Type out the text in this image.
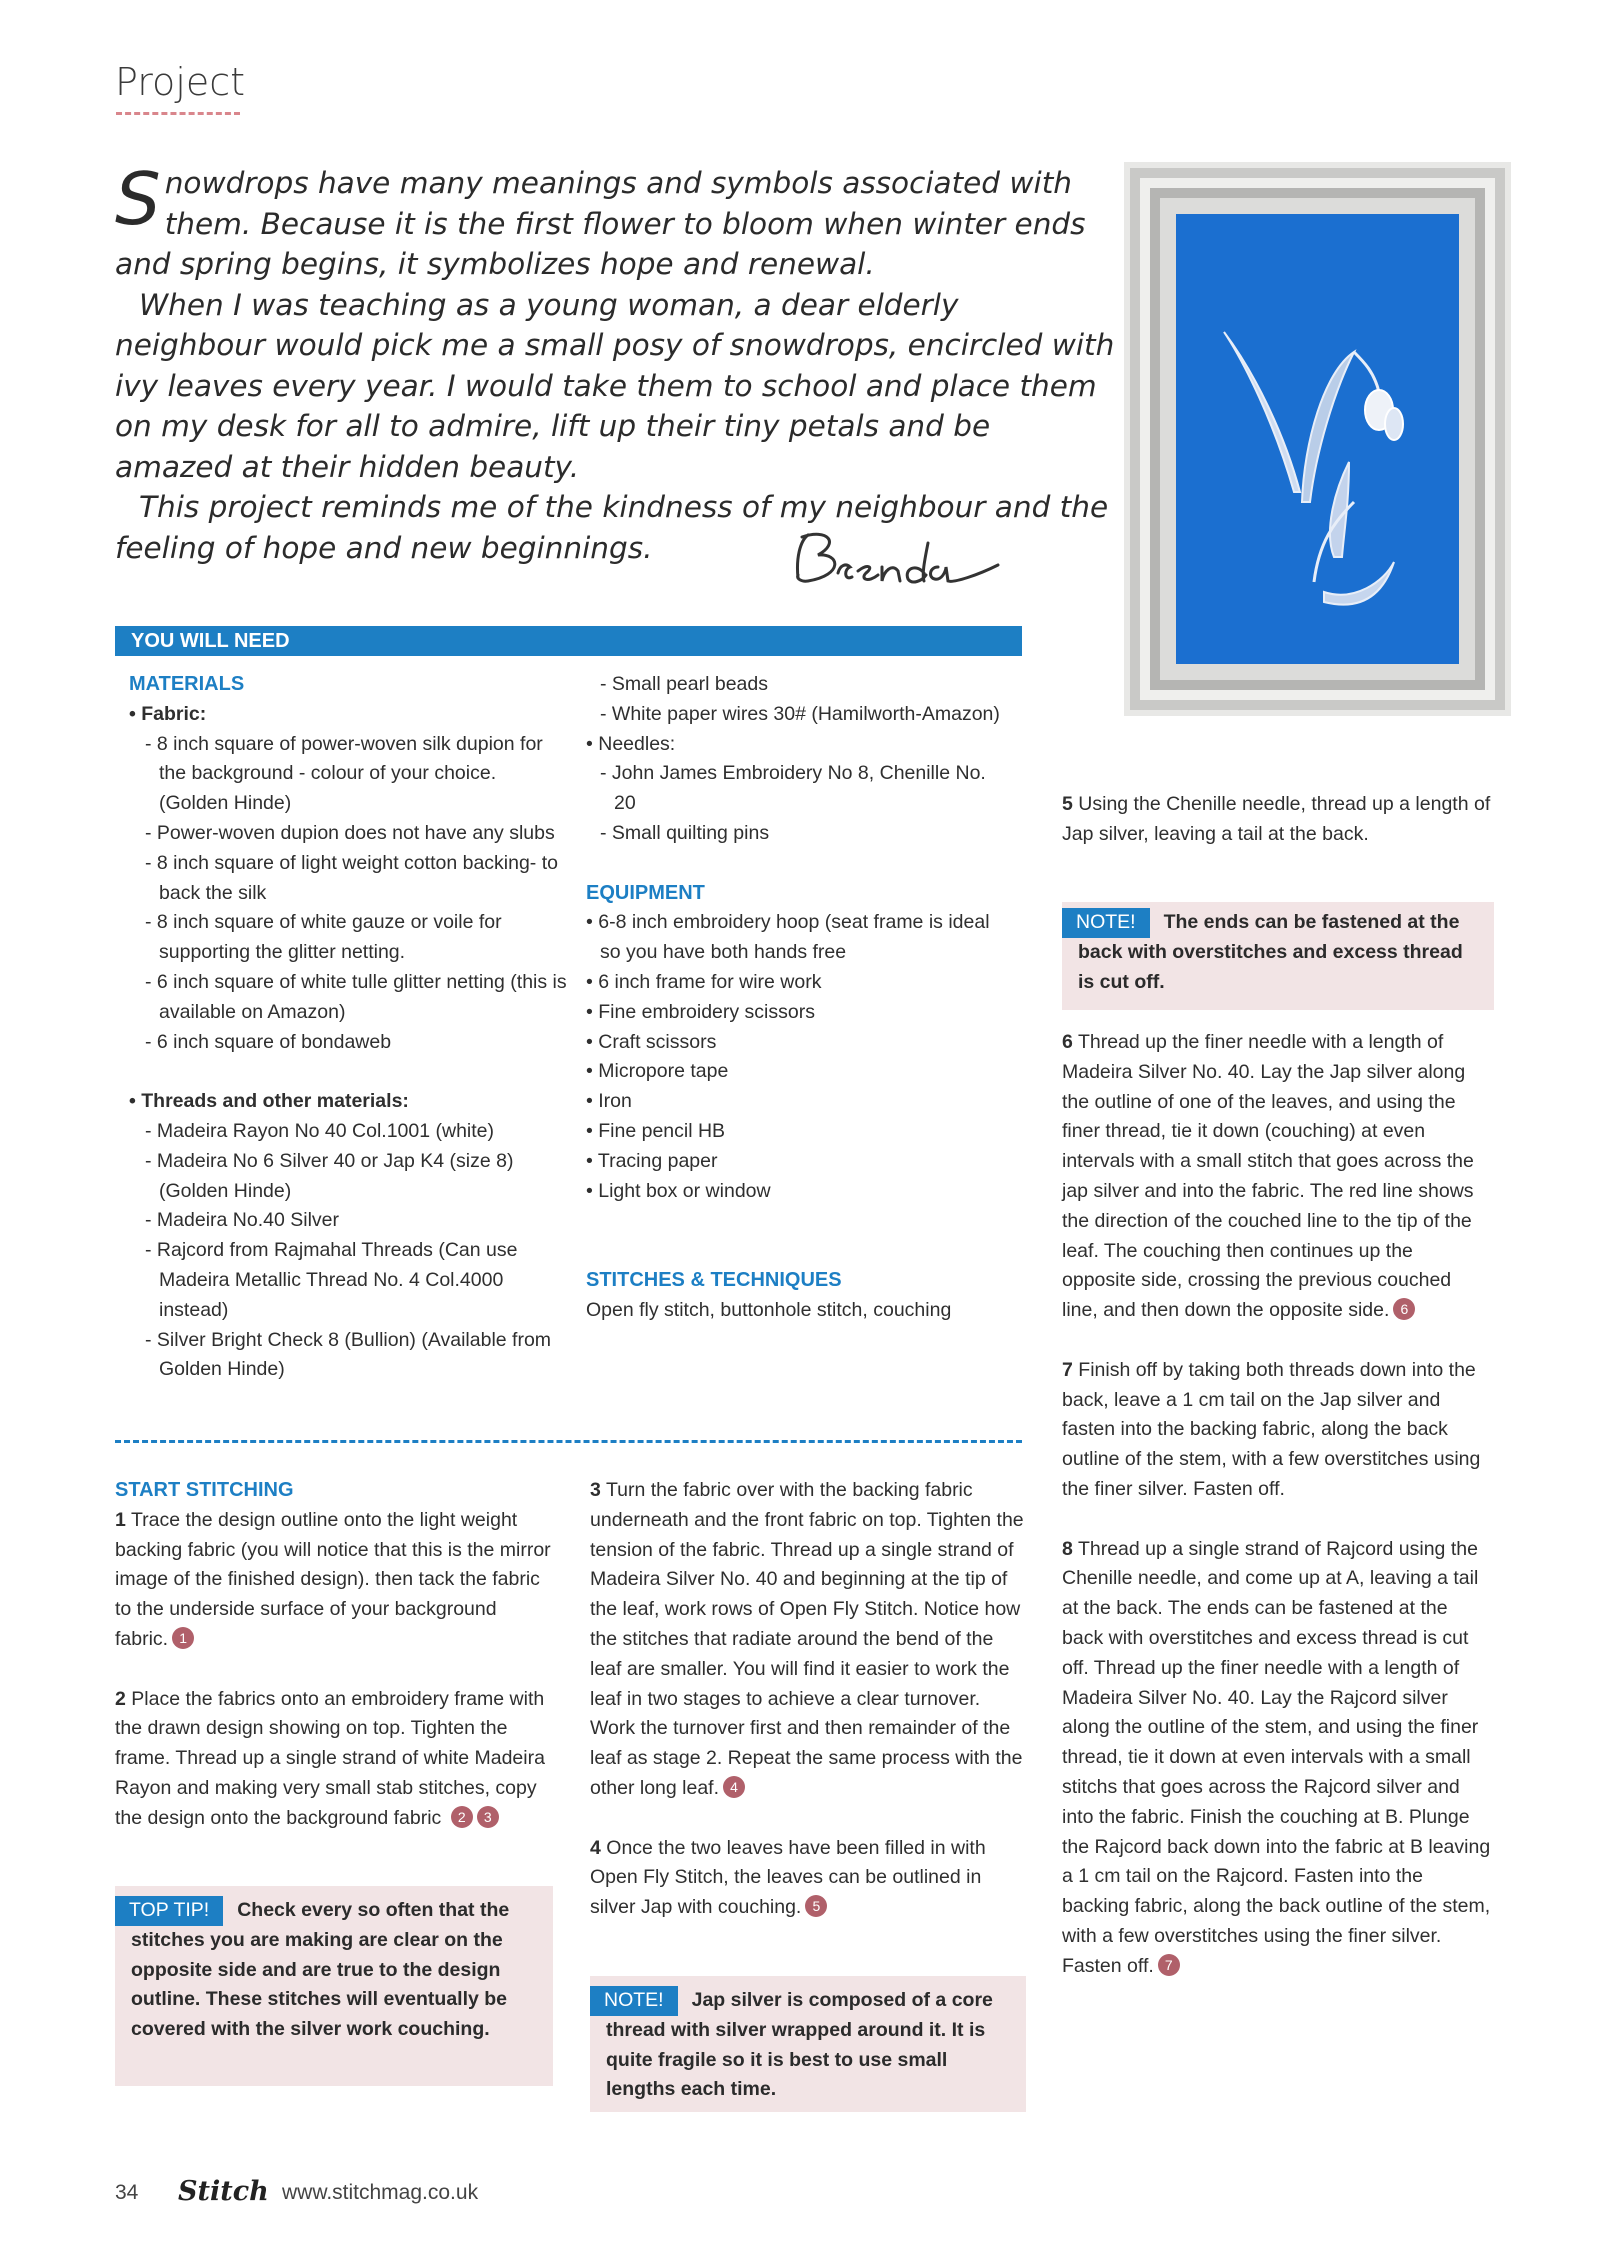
Project
S nowdrops have many meanings and symbols associated with them. Because it is the first flower to bloom when winter ends and spring begins, it symbolizes hope and renewal.

When I was teaching as a young woman, a dear elderly neighbour would pick me a small posy of snowdrops, encircled with ivy leaves every year. I would take them to school and place them on my desk for all to admire, lift up their tiny petals and be amazed at their hidden beauty.

This project reminds me of the kindness of my neighbour and the feeling of hope and new beginnings.

YOU WILL NEED

MATERIALS

• Fabric:

- 8 inch square of power-woven silk dupion for the background - colour of your choice. (Golden Hinde)

- Power-woven dupion does not have any slubs

- 8 inch square of light weight cotton backing- to back the silk

- 8 inch square of white gauze or voile for supporting the glitter netting.

- 6 inch square of white tulle glitter netting (this is available on Amazon)

- 6 inch square of bondaweb

• Threads and other materials:

- Madeira Rayon No 40 Col.1001 (white)

- Madeira No 6 Silver 40 or Jap K4 (size 8) (Golden Hinde)

- Madeira No.40 Silver

- Rajcord from Rajmahal Threads (Can use Madeira Metallic Thread No. 4 Col.4000 instead)

- Silver Bright Check 8 (Bullion) (Available from Golden Hinde)

- Small pearl beads

- White paper wires 30# (Hamilworth-Amazon)

• Needles:

- John James Embroidery No 8, Chenille No. 20

- Small quilting pins

EQUIPMENT

• 6-8 inch embroidery hoop (seat frame is ideal so you have both hands free

• 6 inch frame for wire work

• Fine embroidery scissors

• Craft scissors

• Micropore tape

• Iron

• Fine pencil HB

• Tracing paper

• Light box or window

STITCHES & TECHNIQUES

Open fly stitch, buttonhole stitch, couching

START STITCHING

1 Trace the design outline onto the light weight backing fabric (you will notice that this is the mirror image of the finished design). then tack the fabric to the underside surface of your background fabric. 1

2 Place the fabrics onto an embroidery frame with the drawn design showing on top. Tighten the frame. Thread up a single strand of white Madeira Rayon and making very small stab stitches, copy the design onto the background fabric 2 3

TOP TIP! Check every so often that the stitches you are making are clear on the opposite side and are true to the design outline. These stitches will eventually be covered with the silver work couching.

3 Turn the fabric over with the backing fabric underneath and the front fabric on top. Tighten the tension of the fabric. Thread up a single strand of Madeira Silver No. 40 and beginning at the tip of the leaf, work rows of Open Fly Stitch. Notice how the stitches that radiate around the bend of the leaf are smaller. You will find it easier to work the leaf in two stages to achieve a clear turnover. Work the turnover first and then remainder of the leaf as stage 2. Repeat the same process with the other long leaf. 4

4 Once the two leaves have been filled in with Open Fly Stitch, the leaves can be outlined in silver Jap with couching. 5

NOTE! Jap silver is composed of a core thread with silver wrapped around it. It is quite fragile so it is best to use small lengths each time.

5 Using the Chenille needle, thread up a length of Jap silver, leaving a tail at the back.

NOTE! The ends can be fastened at the back with overstitches and excess thread is cut off.

6 Thread up the finer needle with a length of Madeira Silver No. 40. Lay the Jap silver along the outline of one of the leaves, and using the finer thread, tie it down (couching) at even intervals with a small stitch that goes across the jap silver and into the fabric. The red line shows the direction of the couched line to the tip of the leaf. The couching then continues up the opposite side, crossing the previous couched line, and then down the opposite side. 6

7 Finish off by taking both threads down into the back, leave a 1 cm tail on the Jap silver and fasten into the backing fabric, along the back outline of the stem, with a few overstitches using the finer silver. Fasten off.

8 Thread up a single strand of Rajcord using the Chenille needle, and come up at A, leaving a tail at the back. The ends can be fastened at the back with overstitches and excess thread is cut off. Thread up the finer needle with a length of Madeira Silver No. 40. Lay the Rajcord silver along the outline of the stem, and using the finer thread, tie it down at even intervals with a small stitchs that goes across the Rajcord silver and into the fabric. Finish the couching at B. Plunge the Rajcord back down into the fabric at B leaving a 1 cm tail on the Rajcord. Fasten into the backing fabric, along the back outline of the stem, with a few overstitches using the finer silver. Fasten off. 7

34 Stitch www.stitchmag.co.uk
